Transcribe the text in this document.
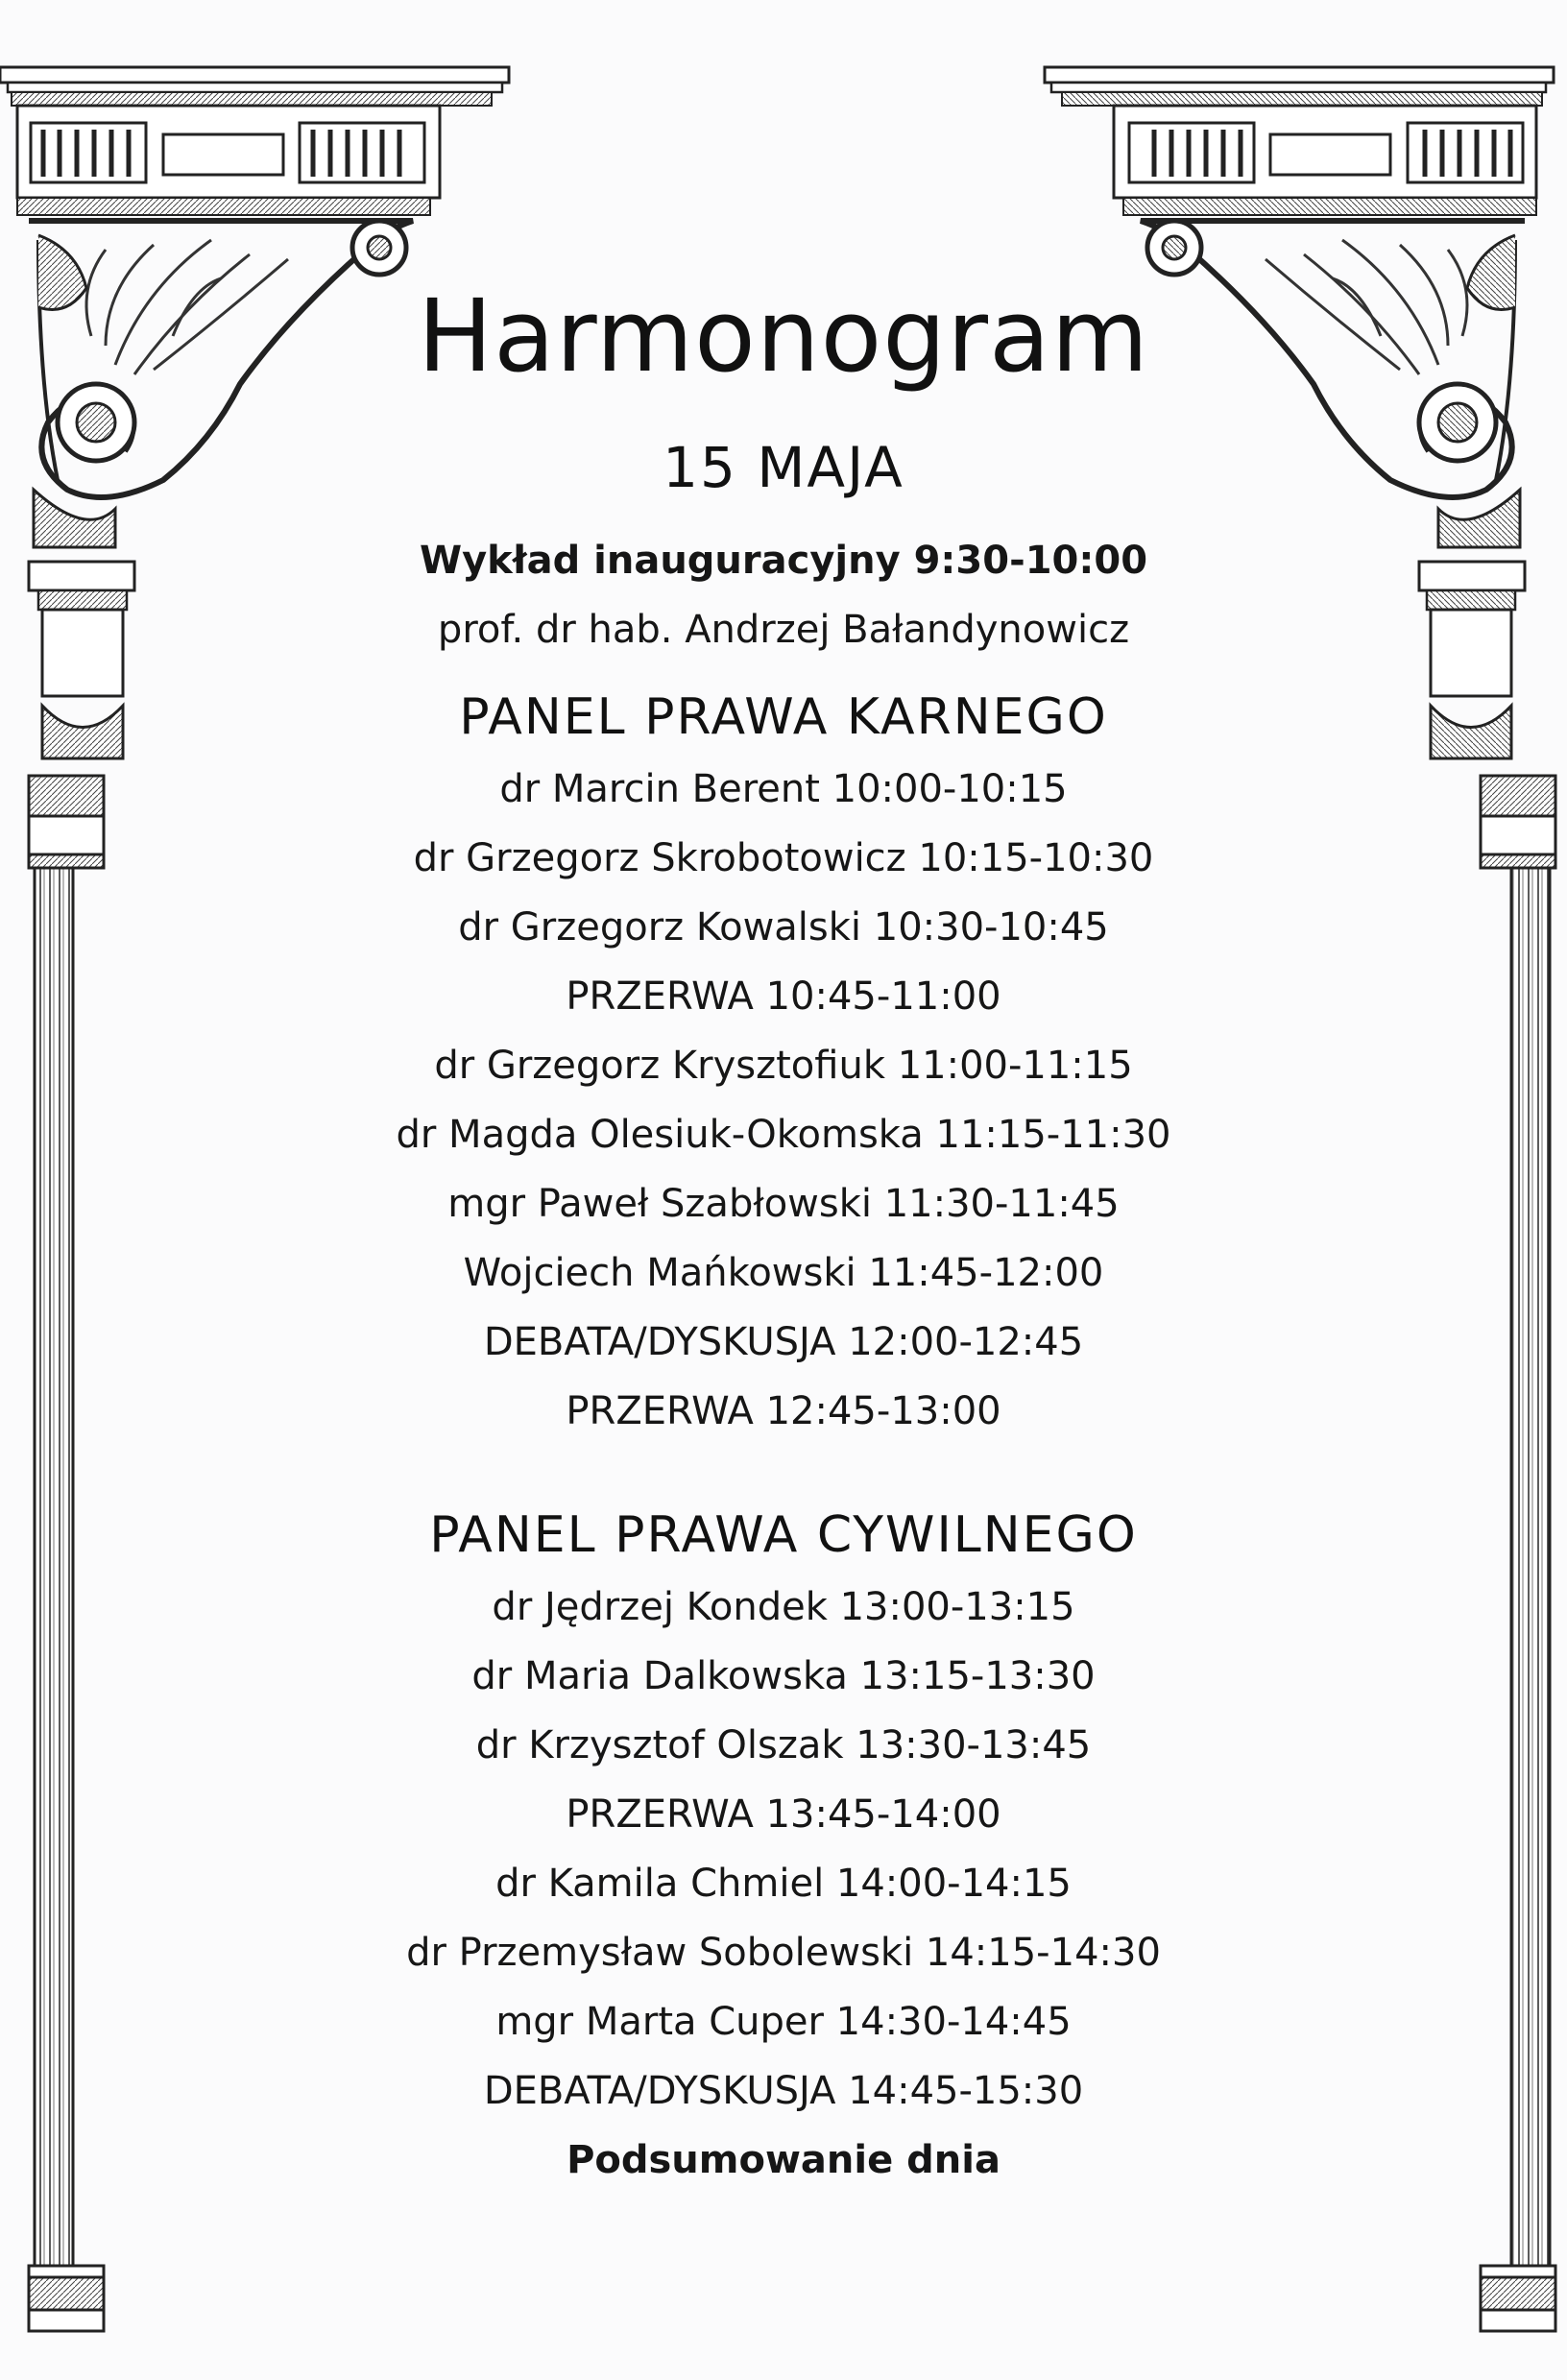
Harmonogram
15 MAJA
Wykład inauguracyjny 9:30-10:00
prof. dr hab. Andrzej Bałandynowicz
PANEL PRAWA KARNEGO
dr Marcin Berent 10:00-10:15
dr Grzegorz Skrobotowicz 10:15-10:30
dr Grzegorz Kowalski 10:30-10:45
PRZERWA 10:45-11:00
dr Grzegorz Krysztofiuk 11:00-11:15
dr Magda Olesiuk-Okomska 11:15-11:30
mgr Paweł Szabłowski 11:30-11:45
Wojciech Mańkowski 11:45-12:00
DEBATA/DYSKUSJA 12:00-12:45
PRZERWA 12:45-13:00
PANEL PRAWA CYWILNEGO
dr Jędrzej Kondek 13:00-13:15
dr Maria Dalkowska 13:15-13:30
dr Krzysztof Olszak 13:30-13:45
PRZERWA 13:45-14:00
dr Kamila Chmiel 14:00-14:15
dr Przemysław Sobolewski 14:15-14:30
mgr Marta Cuper 14:30-14:45
DEBATA/DYSKUSJA 14:45-15:30
Podsumowanie dnia
